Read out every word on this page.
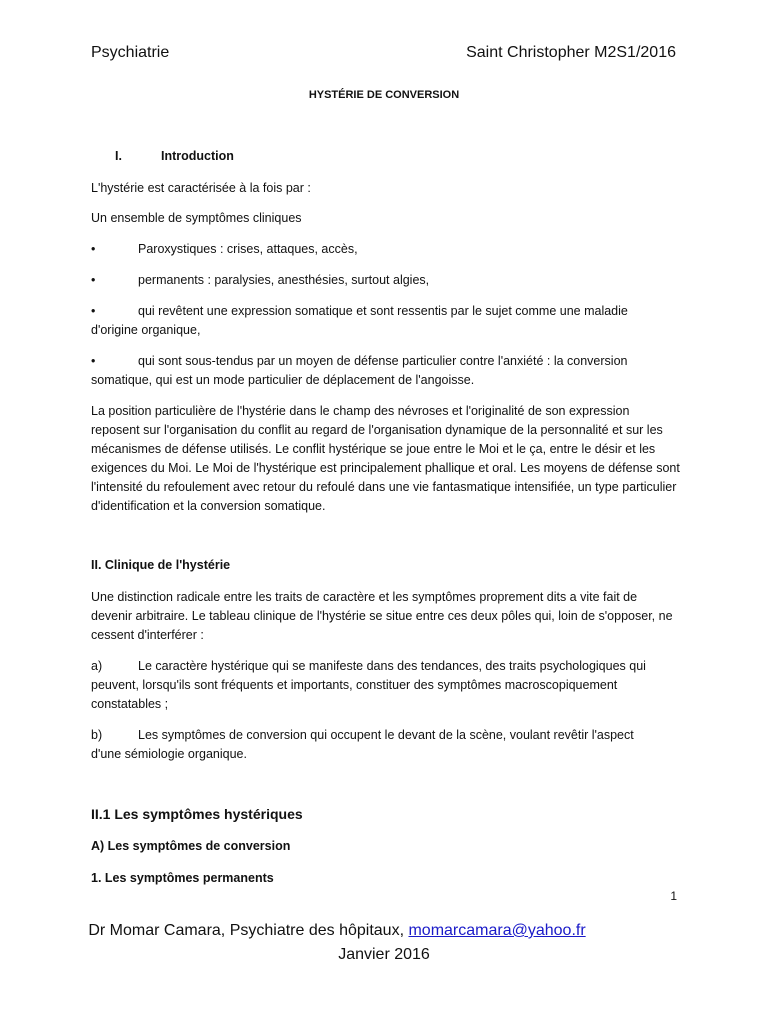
Psychiatrie	Saint Christopher M2S1/2016
HYSTÉRIE DE CONVERSION
I.	Introduction

L'hystérie est caractérisée à la fois par :

Un ensemble de symptômes cliniques

•	Paroxystiques : crises, attaques, accès,
•	permanents : paralysies, anesthésies, surtout algies,
•	qui revêtent une expression somatique et sont ressentis par le sujet comme une maladie
d'origine organique,
•	qui sont sous-tendus par un moyen de défense particulier contre l'anxiété : la conversion
somatique, qui est un mode particulier de déplacement de l'angoisse.

La position particulière de l'hystérie dans le champ des névroses et l'originalité de son expression reposent sur l'organisation du conflit au regard de l'organisation dynamique de la personnalité et sur les mécanismes de défense utilisés. Le conflit hystérique se joue entre le Moi et le ça, entre le désir et les exigences du Moi. Le Moi de l'hystérique est principalement phallique et oral. Les moyens de défense sont l'intensité du refoulement avec retour du refoulé dans une vie fantasmatique intensifiée, un type particulier d'identification et la conversion somatique.

II. Clinique de l'hystérie

Une distinction radicale entre les traits de caractère et les symptômes proprement dits a vite fait de devenir arbitraire. Le tableau clinique de l'hystérie se situe entre ces deux pôles qui, loin de s'opposer, ne cessent d'interférer :

a)	Le caractère hystérique qui se manifeste dans des tendances, des traits psychologiques qui
peuvent, lorsqu'ils sont fréquents et importants, constituer des symptômes macroscopiquement constatables ;
b)	Les symptômes de conversion qui occupent le devant de la scène, voulant revêtir l'aspect
d'une sémiologie organique.
II.1 Les symptômes hystériques
A) Les symptômes de conversion
1. Les symptômes permanents
1
Dr Momar Camara, Psychiatre des hôpitaux, momarcamara@yahoo.fr
Janvier 2016
